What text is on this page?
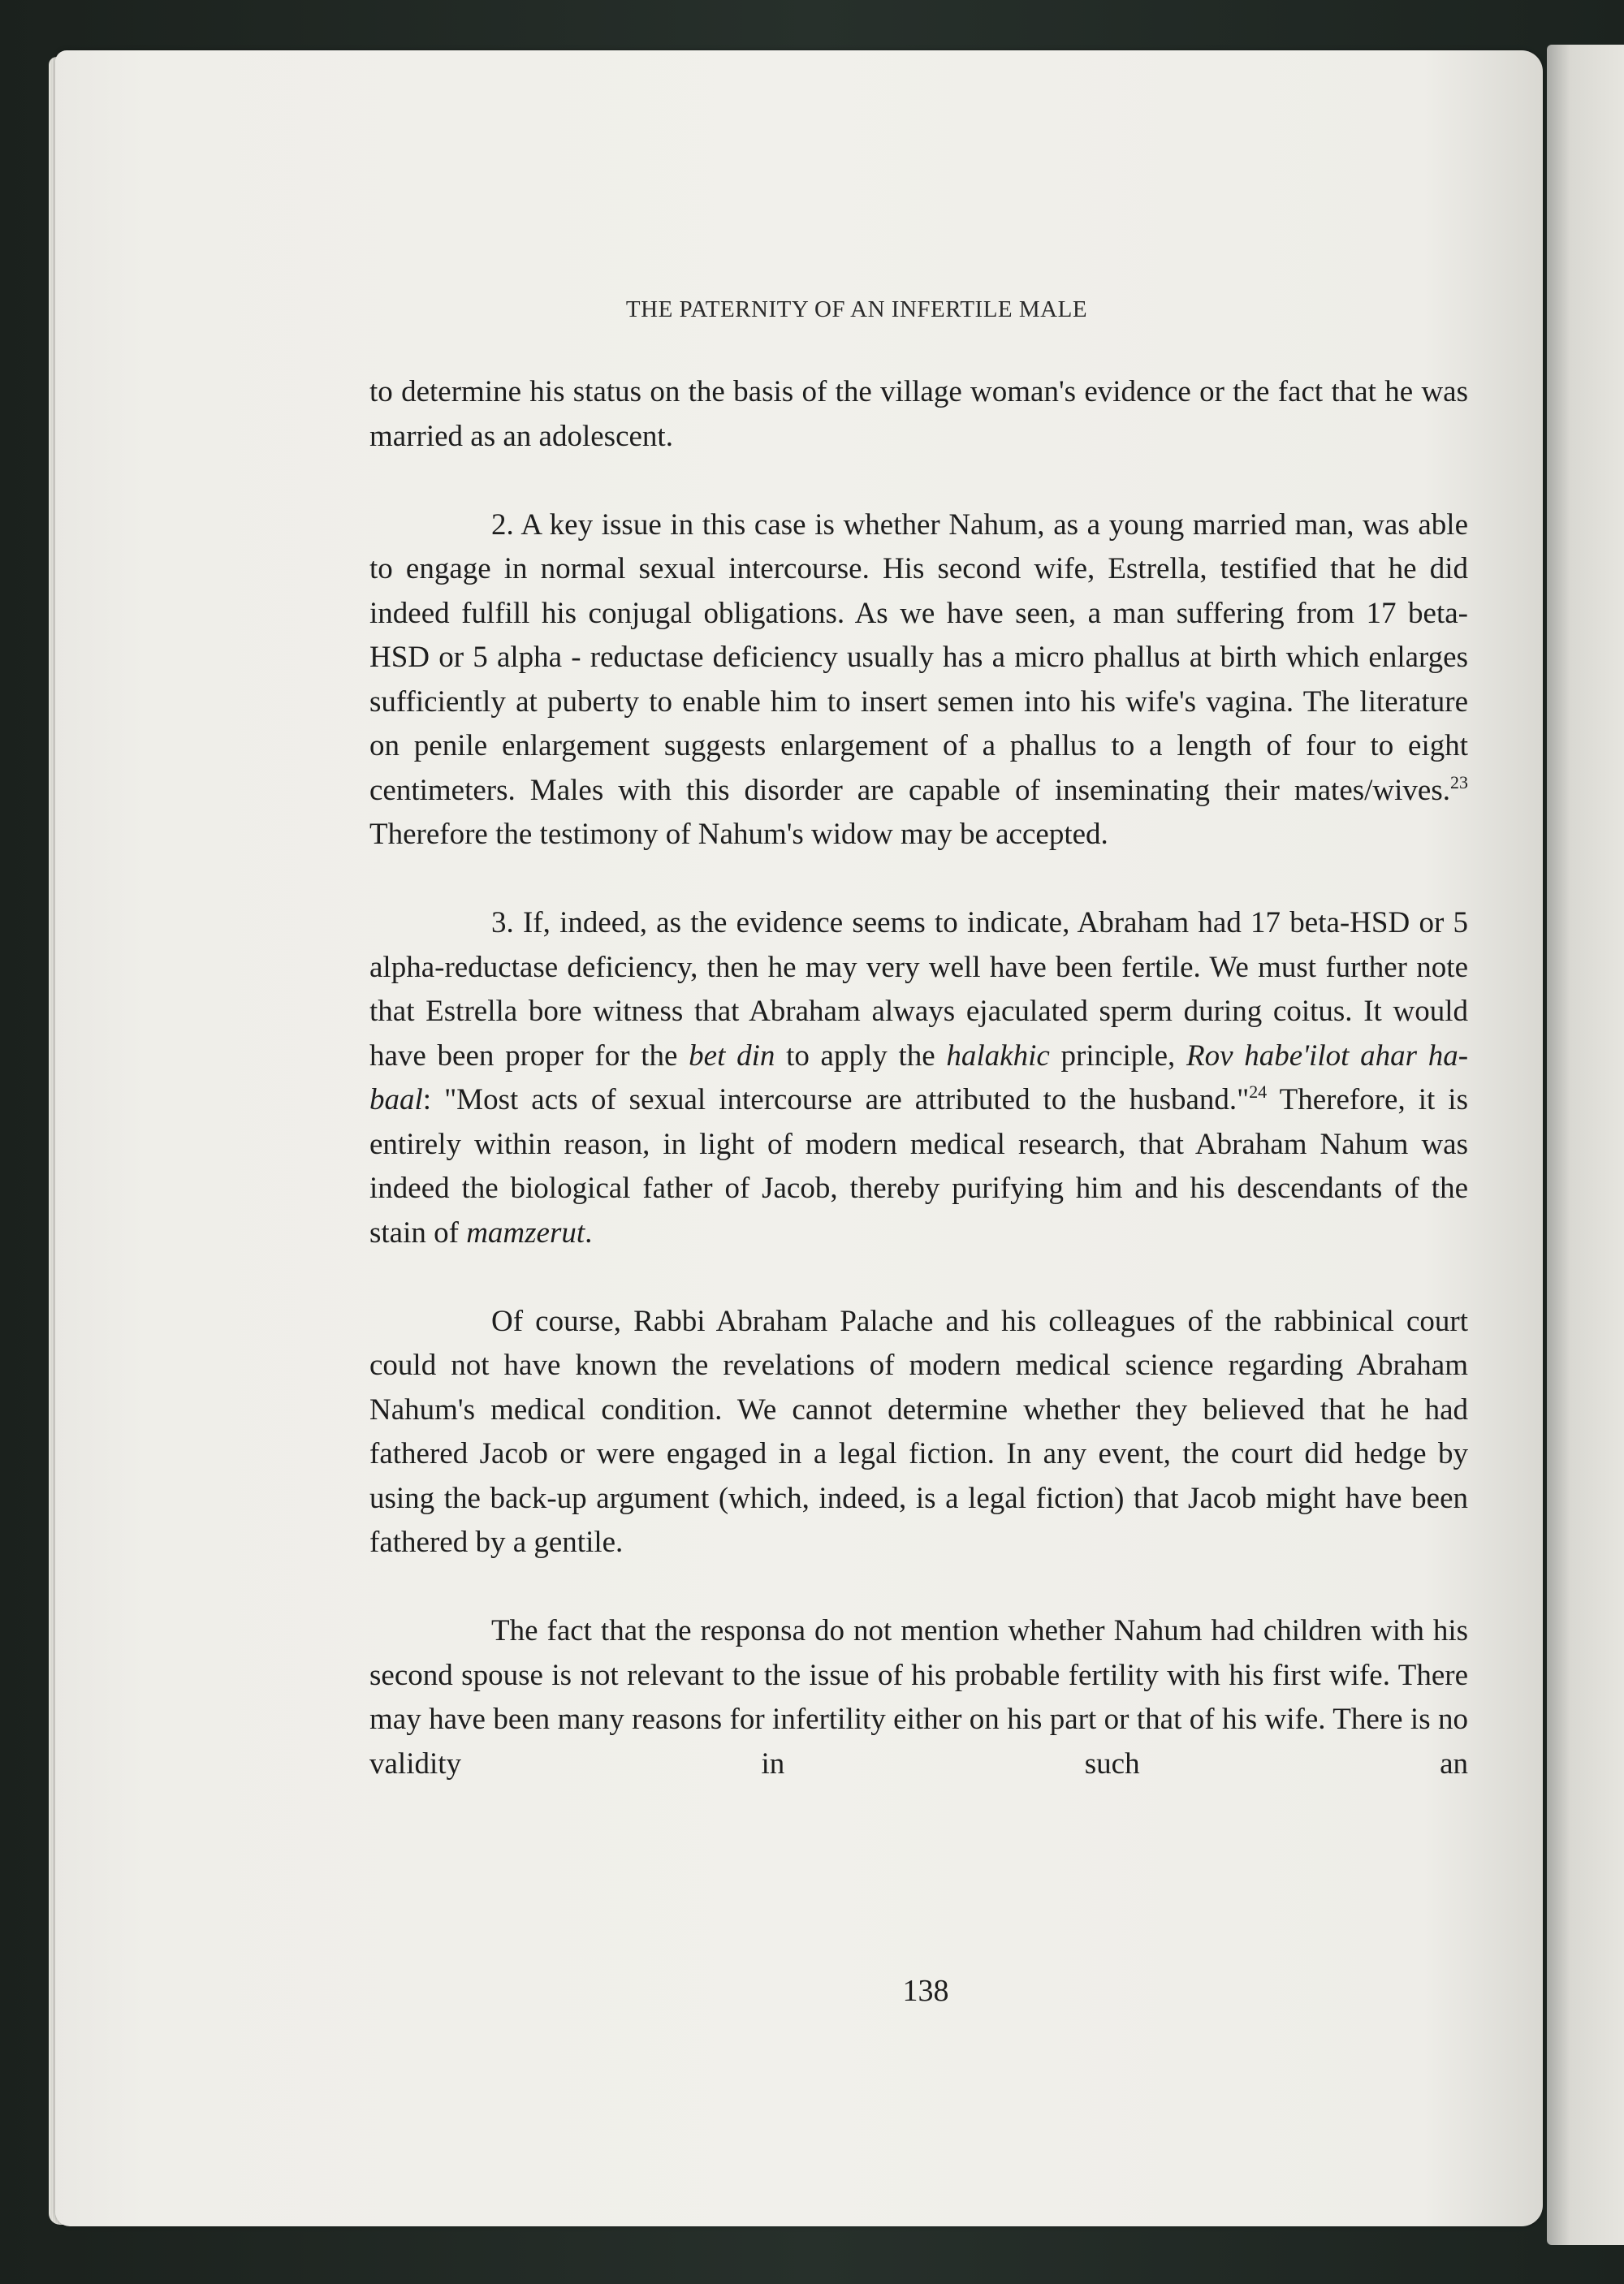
THE PATERNITY OF AN INFERTILE MALE

to determine his status on the basis of the village woman's evidence or the fact that he was married as an adolescent.

2. A key issue in this case is whether Nahum, as a young married man, was able to engage in normal sexual intercourse. His second wife, Estrella, testified that he did indeed fulfill his conjugal obligations. As we have seen, a man suffering from 17 beta- HSD or 5 alpha - reductase deficiency usually has a micro phallus at birth which enlarges sufficiently at puberty to enable him to insert semen into his wife's vagina. The literature on penile enlargement suggests enlargement of a phallus to a length of four to eight centimeters. Males with this disorder are capable of inseminating their mates/wives.$^{23}$ Therefore the testimony of Nahum's widow may be accepted.

3. If, indeed, as the evidence seems to indicate, Abraham had 17 beta-HSD or 5 alpha-reductase deficiency, then he may very well have been fertile. We must further note that Estrella bore witness that Abraham always ejaculated sperm during coitus. It would have been proper for the bet din to apply the halakhic principle, Rov habe'ilot ahar ha-baal: "Most acts of sexual intercourse are attributed to the husband."$^{24}$ Therefore, it is entirely within reason, in light of modern medical research, that Abraham Nahum was indeed the biological father of Jacob, thereby purifying him and his descendants of the stain of mamzerut.

Of course, Rabbi Abraham Palache and his colleagues of the rabbinical court could not have known the revelations of modern medical science regarding Abraham Nahum's medical condition. We cannot determine whether they believed that he had fathered Jacob or were engaged in a legal fiction. In any event, the court did hedge by using the back-up argument (which, indeed, is a legal fiction) that Jacob might have been fathered by a gentile.

The fact that the responsa do not mention whether Nahum had children with his second spouse is not relevant to the issue of his probable fertility with his first wife. There may have been many reasons for infertility either on his part or that of his wife. There is no validity in such an

138
